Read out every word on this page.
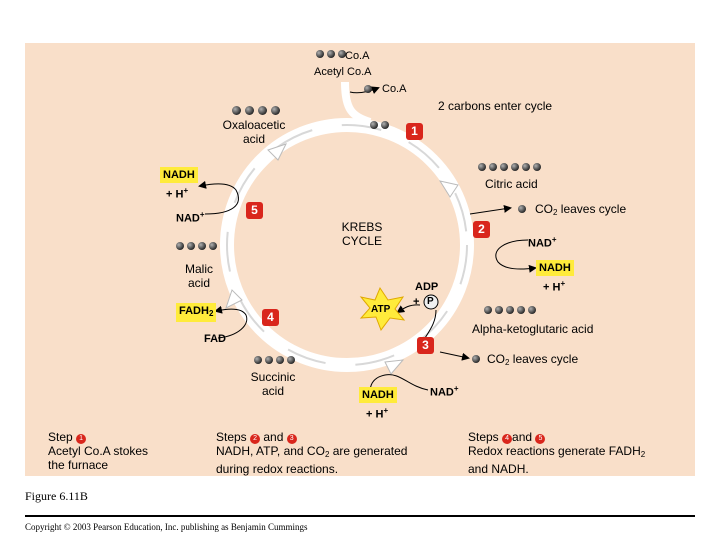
Co.A
Acetyl Co.A
Co.A
2 carbons enter cycle
Oxaloacetic acid
1
5
2
4
3
Citric acid
$CO_2$ leaves cycle
NADH
+ H+
NAD+
KREBS CYCLE	NAD+
NADH
+ H+
Malic acid	ADP
+ P
ATP
Alpha-ketoglutaric acid
$FADH_2$
FAD
$CO_2$ leaves cycle
Succinic acid	NAD+
NADH
+ H+
Step 1
Acetyl Co.A stokes the furnace
Steps 2 and 3
NADH, ATP, and $CO_2$ are generated
during redox reactions.
Steps 4 and 5
Redox reactions generate $FADH_2$
and NADH.
Figure 6.11B
Copyright © 2003 Pearson Education, Inc. publishing as Benjamin Cummings
